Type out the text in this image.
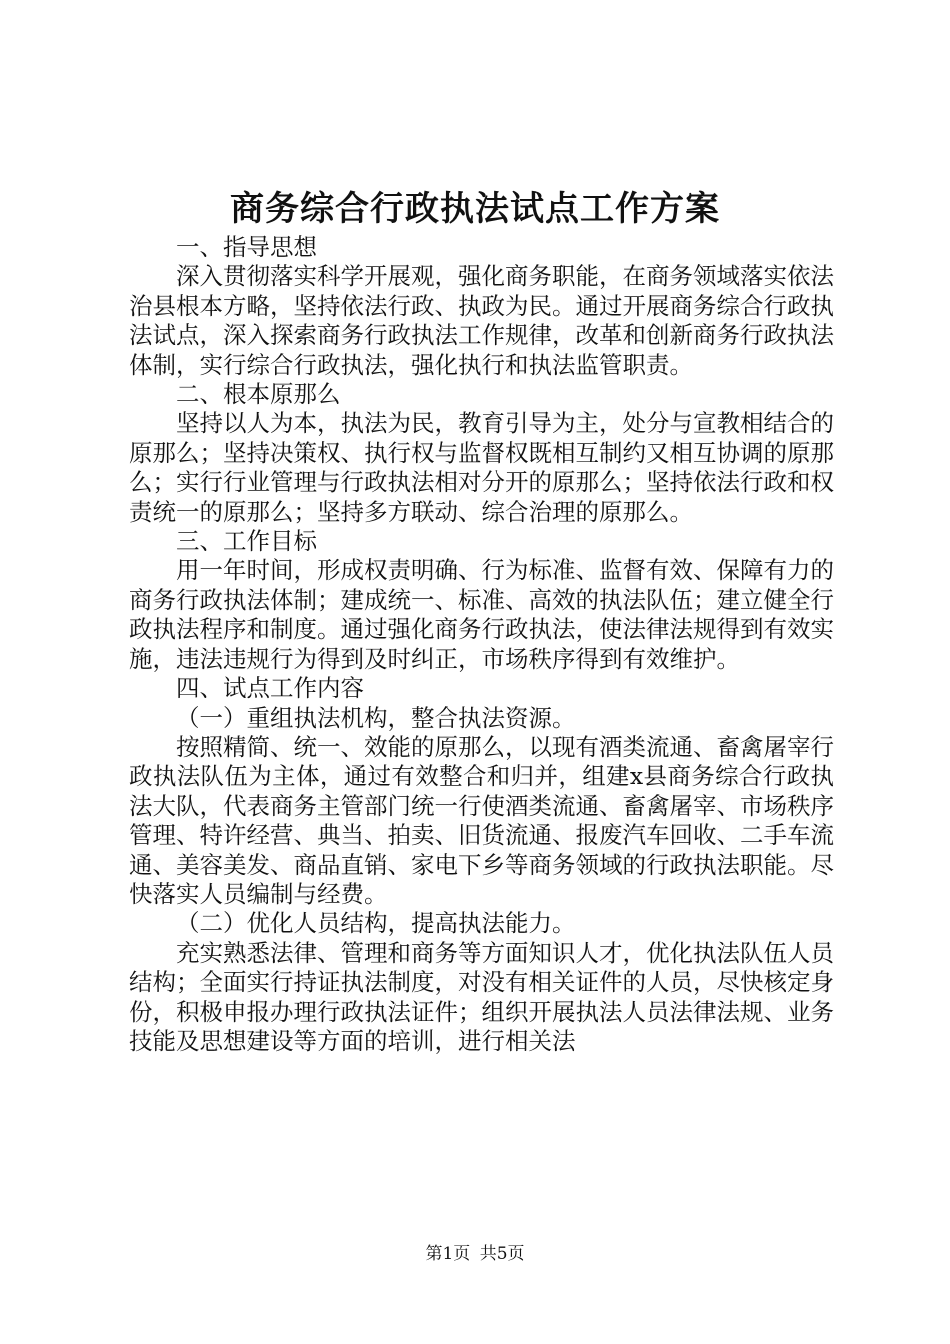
商务综合行政执法试点工作方案

一、指导思想

深入贯彻落实科学开展观，强化商务职能，在商务领域落实依法治县根本方略，坚持依法行政、执政为民。通过开展商务综合行政执法试点，深入探索商务行政执法工作规律，改革和创新商务行政执法体制，实行综合行政执法，强化执行和执法监管职责。

二、根本原那么

坚持以人为本，执法为民，教育引导为主，处分与宣教相结合的原那么；坚持决策权、执行权与监督权既相互制约又相互协调的原那么；实行行业管理与行政执法相对分开的原那么；坚持依法行政和权责统一的原那么；坚持多方联动、综合治理的原那么。

三、工作目标

用一年时间，形成权责明确、行为标准、监督有效、保障有力的商务行政执法体制；建成统一、标准、高效的执法队伍；建立健全行政执法程序和制度。通过强化商务行政执法，使法律法规得到有效实施，违法违规行为得到及时纠正，市场秩序得到有效维护。

四、试点工作内容

（一）重组执法机构，整合执法资源。

按照精简、统一、效能的原那么，以现有酒类流通、畜禽屠宰行政执法队伍为主体，通过有效整合和归并，组建x县商务综合行政执法大队，代表商务主管部门统一行使酒类流通、畜禽屠宰、市场秩序管理、特许经营、典当、拍卖、旧货流通、报废汽车回收、二手车流通、美容美发、商品直销、家电下乡等商务领域的行政执法职能。尽快落实人员编制与经费。

（二）优化人员结构，提高执法能力。

充实熟悉法律、管理和商务等方面知识人才，优化执法队伍人员结构；全面实行持证执法制度，对没有相关证件的人员，尽快核定身份，积极申报办理行政执法证件；组织开展执法人员法律法规、业务技能及思想建设等方面的培训，进行相关法

第1页 共5页
